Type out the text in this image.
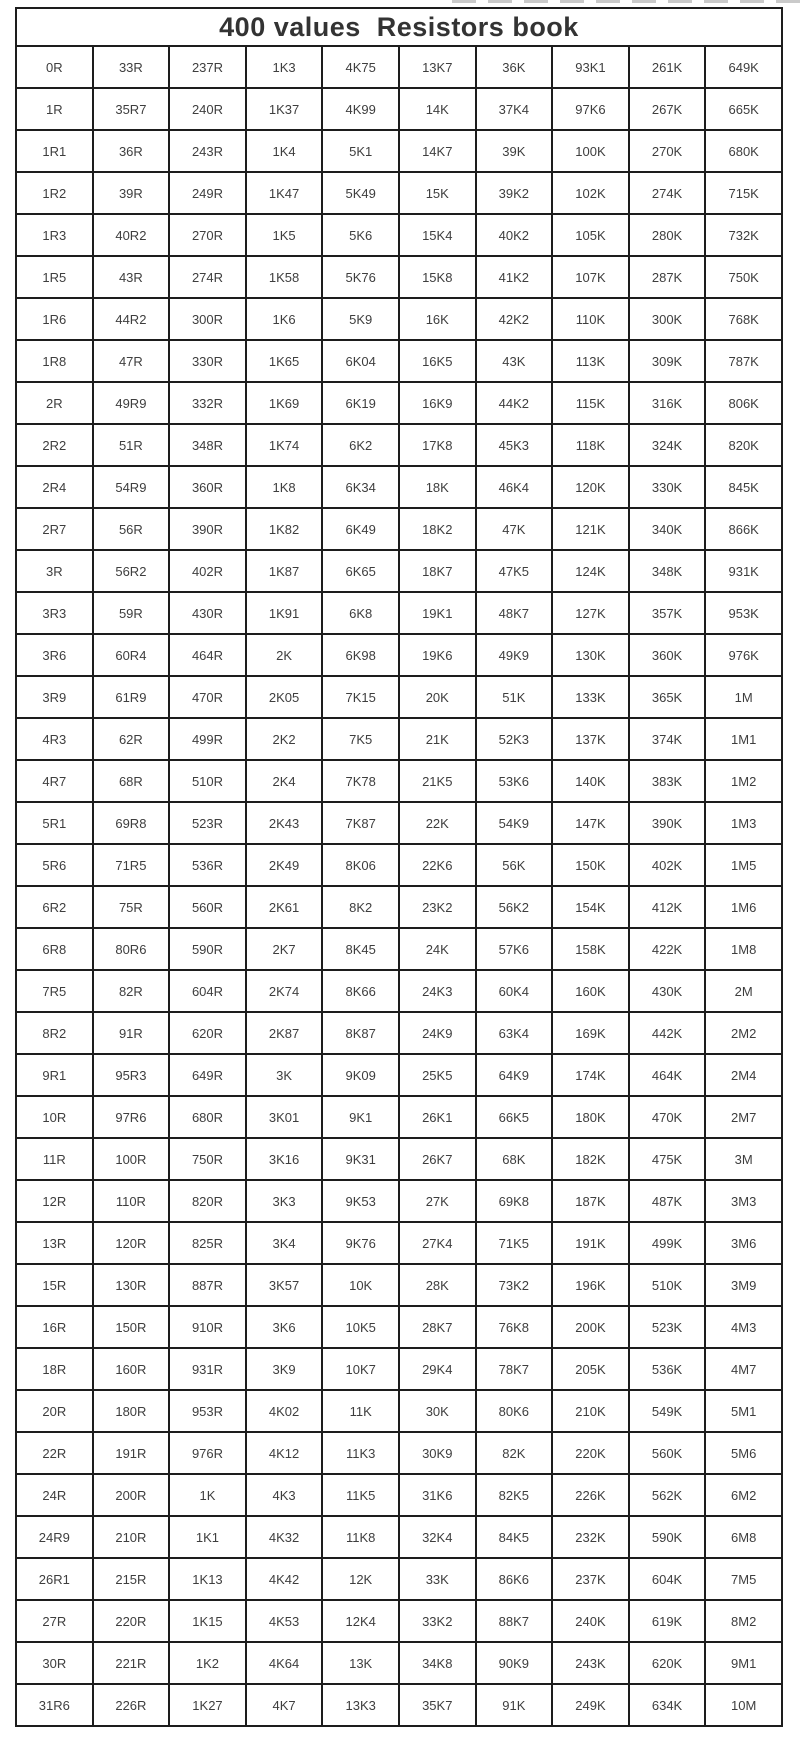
400 values  Resistors book									
0R	33R	237R	1K3	4K75	13K7	36K	93K1	261K	649K
1R	35R7	240R	1K37	4K99	14K	37K4	97K6	267K	665K
1R1	36R	243R	1K4	5K1	14K7	39K	100K	270K	680K
1R2	39R	249R	1K47	5K49	15K	39K2	102K	274K	715K
1R3	40R2	270R	1K5	5K6	15K4	40K2	105K	280K	732K
1R5	43R	274R	1K58	5K76	15K8	41K2	107K	287K	750K
1R6	44R2	300R	1K6	5K9	16K	42K2	110K	300K	768K
1R8	47R	330R	1K65	6K04	16K5	43K	113K	309K	787K
2R	49R9	332R	1K69	6K19	16K9	44K2	115K	316K	806K
2R2	51R	348R	1K74	6K2	17K8	45K3	118K	324K	820K
2R4	54R9	360R	1K8	6K34	18K	46K4	120K	330K	845K
2R7	56R	390R	1K82	6K49	18K2	47K	121K	340K	866K
3R	56R2	402R	1K87	6K65	18K7	47K5	124K	348K	931K
3R3	59R	430R	1K91	6K8	19K1	48K7	127K	357K	953K
3R6	60R4	464R	2K	6K98	19K6	49K9	130K	360K	976K
3R9	61R9	470R	2K05	7K15	20K	51K	133K	365K	1M
4R3	62R	499R	2K2	7K5	21K	52K3	137K	374K	1M1
4R7	68R	510R	2K4	7K78	21K5	53K6	140K	383K	1M2
5R1	69R8	523R	2K43	7K87	22K	54K9	147K	390K	1M3
5R6	71R5	536R	2K49	8K06	22K6	56K	150K	402K	1M5
6R2	75R	560R	2K61	8K2	23K2	56K2	154K	412K	1M6
6R8	80R6	590R	2K7	8K45	24K	57K6	158K	422K	1M8
7R5	82R	604R	2K74	8K66	24K3	60K4	160K	430K	2M
8R2	91R	620R	2K87	8K87	24K9	63K4	169K	442K	2M2
9R1	95R3	649R	3K	9K09	25K5	64K9	174K	464K	2M4
10R	97R6	680R	3K01	9K1	26K1	66K5	180K	470K	2M7
11R	100R	750R	3K16	9K31	26K7	68K	182K	475K	3M
12R	110R	820R	3K3	9K53	27K	69K8	187K	487K	3M3
13R	120R	825R	3K4	9K76	27K4	71K5	191K	499K	3M6
15R	130R	887R	3K57	10K	28K	73K2	196K	510K	3M9
16R	150R	910R	3K6	10K5	28K7	76K8	200K	523K	4M3
18R	160R	931R	3K9	10K7	29K4	78K7	205K	536K	4M7
20R	180R	953R	4K02	11K	30K	80K6	210K	549K	5M1
22R	191R	976R	4K12	11K3	30K9	82K	220K	560K	5M6
24R	200R	1K	4K3	11K5	31K6	82K5	226K	562K	6M2
24R9	210R	1K1	4K32	11K8	32K4	84K5	232K	590K	6M8
26R1	215R	1K13	4K42	12K	33K	86K6	237K	604K	7M5
27R	220R	1K15	4K53	12K4	33K2	88K7	240K	619K	8M2
30R	221R	1K2	4K64	13K	34K8	90K9	243K	620K	9M1
31R6	226R	1K27	4K7	13K3	35K7	91K	249K	634K	10M
